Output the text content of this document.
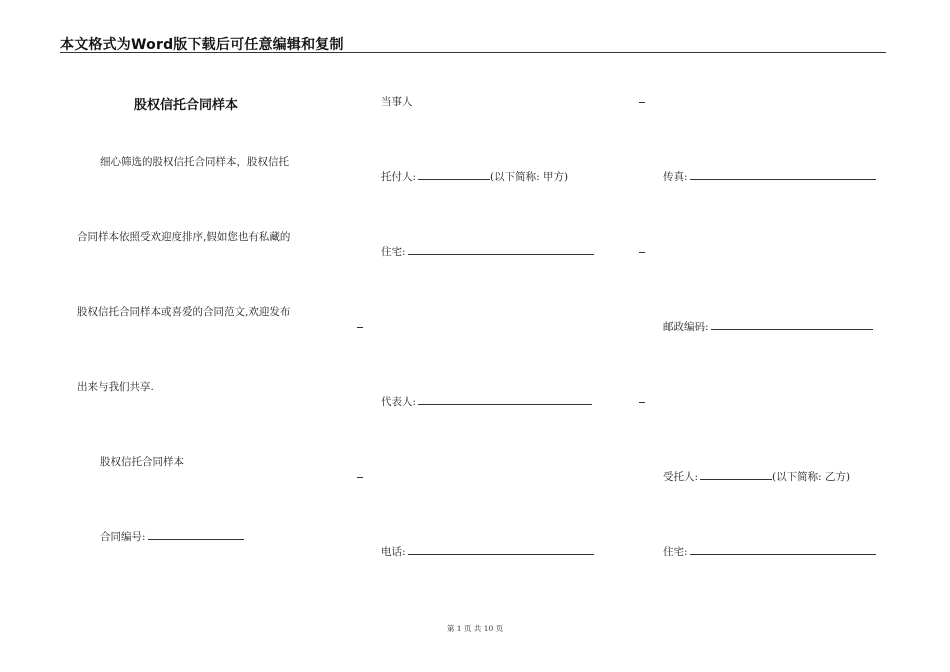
本文格式为Word版下载后可任意编辑和复制
股权信托合同样本
细心筛选的股权信托合同样本，股权信托
合同样本依照受欢迎度排序,假如您也有私藏的
股权信托合同样本或喜爱的合同范文,欢迎发布
出来与我们共享.
股权信托合同样本
合同编号:
当事人
托付人:	(以下简称: 甲方)
住宅:
代表人:
电话:
传真:
邮政编码:
受托人:	(以下简称: 乙方)
住宅:
第 1 页 共 10 页
